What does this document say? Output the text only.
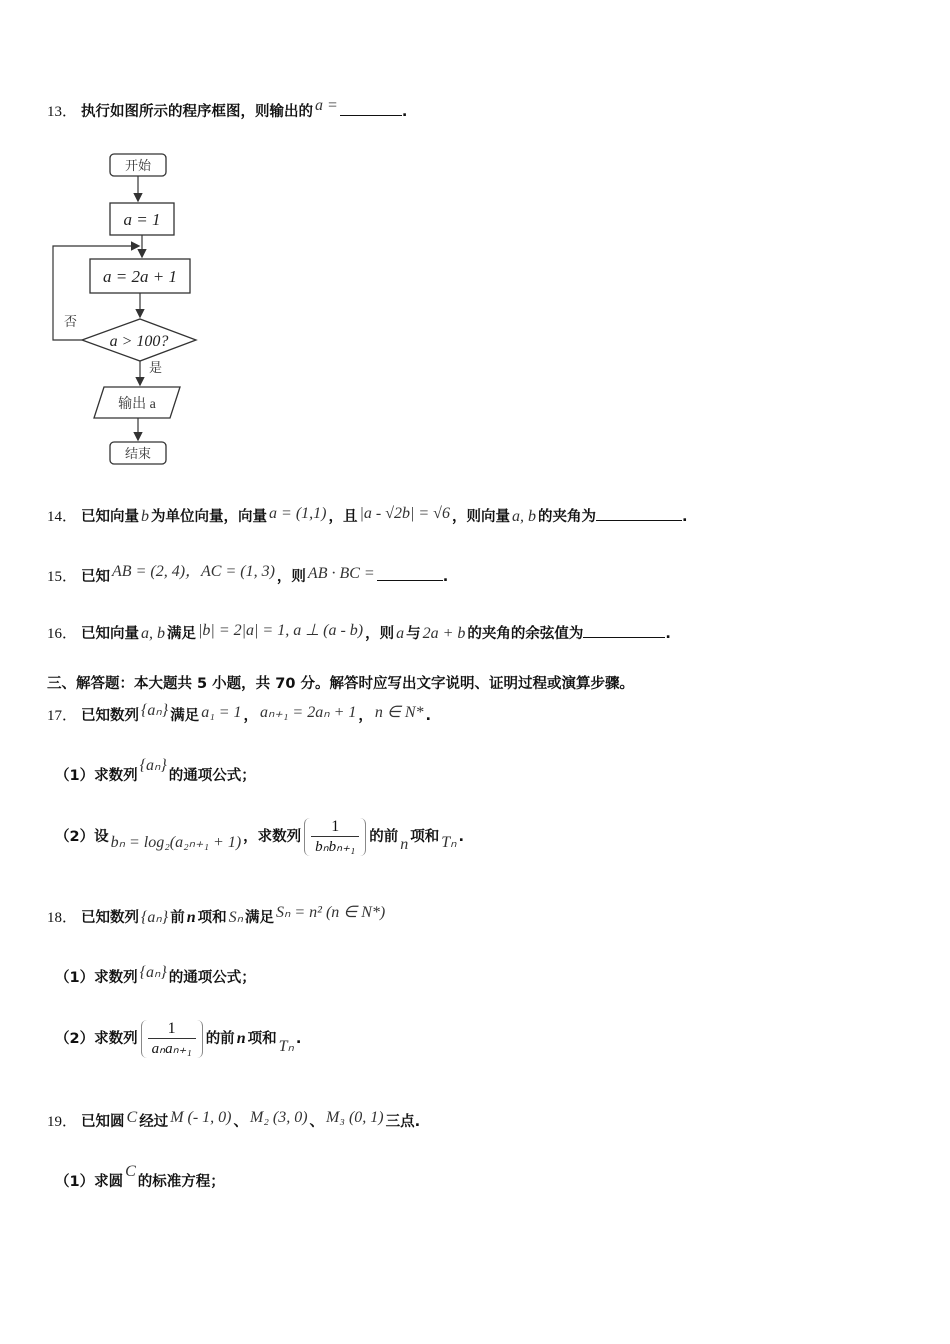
13． 执行如图所示的程序框图，则输出的 a =	.
开始
a = 1
a = 2a + 1
a > 100?
否
是
输出 a
结束
14． 已知向量 b 为单位向量，向量 a = (1,1) ，且 |a - √2b| = √6 ，则向量 a, b 的夹角为	.
15． 已知 AB = (2, 4)，AC = (1, 3) ，则 AB · BC =	.
16． 已知向量 a, b 满足 |b| = 2|a| = 1, a ⊥ (a - b) ，则 a 与 2a + b 的夹角的余弦值为	.
三、解答题：本大题共 5 小题，共 70 分。解答时应写出文字说明、证明过程或演算步骤。
17． 已知数列 {aₙ} 满足 a₁ = 1 ， aₙ₊₁ = 2aₙ + 1 ， n ∈ N* .
（1）求数列{aₙ}的通项公式；
（2）设 bₙ = log₂(a₂ₙ₊₁ + 1) ，求数列 $\frac{1}{\text{bₙbₙ₊₁}}$ 的前 n 项和 Tₙ .
18． 已知数列 {aₙ} 前 n 项和 Sₙ 满足 Sₙ = n² (n ∈ N*)
（1）求数列 {aₙ} 的通项公式；
（2）求数列 $\frac{1}{\text{aₙaₙ₊₁}}$ 的前 n 项和 Tₙ .
19． 已知圆 C 经过 M (- 1, 0) 、 M₂ (3, 0) 、 M₃ (0, 1) 三点.
（1）求圆C的标准方程；
